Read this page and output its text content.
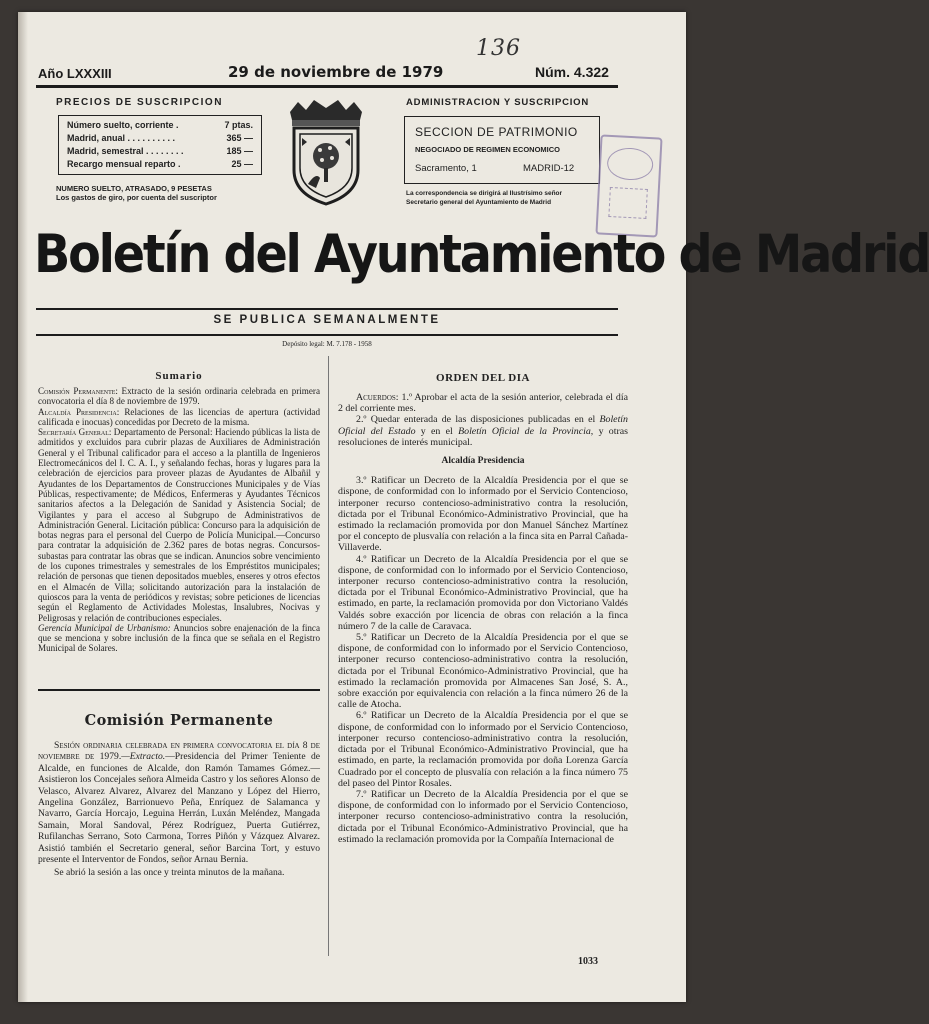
136
Año LXXXIII	29 de noviembre de 1979	Núm. 4.322
PRECIOS DE SUSCRIPCION
Número suelto, corriente .	7 ptas.
Madrid, anual . . . . . . . . . .	365 —
Madrid, semestral . . . . . . . .	185 —
Recargo mensual reparto .	25 —
NUMERO SUELTO, ATRASADO, 9 PESETAS
Los gastos de giro, por cuenta del suscriptor
ADMINISTRACION Y SUSCRIPCION
SECCION DE PATRIMONIO
NEGOCIADO DE REGIMEN ECONOMICO
Sacramento, 1	MADRID-12
La correspondencia se dirigirá al Ilustrísimo señor
Secretario general del Ayuntamiento de Madrid
Boletín del Ayuntamiento de Madrid
SE PUBLICA SEMANALMENTE
Depósito legal: M. 7.178 - 1958
Sumario

Comisión Permanente: Extracto de la sesión ordinaria celebrada en primera convocatoria el día 8 de noviembre de 1979.

Alcaldía Presidencia: Relaciones de las licencias de apertura (actividad calificada e inocuas) concedidas por Decreto de la misma.

Secretaría General: Departamento de Personal: Haciendo públicas la lista de admitidos y excluidos para cubrir plazas de Auxiliares de Administración General y el Tribunal calificador para el acceso a la plantilla de Ingenieros Electromecánicos del I. C. A. I., y señalando fechas, horas y lugares para la celebración de ejercicios para proveer plazas de Ayudantes de Albañil y Ayudantes de los Departamentos de Construcciones Municipales y de Vías Públicas, respectivamente; de Médicos, Enfermeras y Ayudantes Técnicos sanitarios afectos a la Delegación de Sanidad y Asistencia Social; de Vigilantes y para el acceso al Subgrupo de Administrativos de Administración General. Licitación pública: Concurso para la adquisición de botas negras para el personal del Cuerpo de Policía Municipal.—Concurso para contratar la adquisición de 2.362 pares de botas negras. Concursos-subastas para contratar las obras que se indican. Anuncios sobre vencimiento de los cupones trimestrales y semestrales de los Empréstitos municipales; relación de personas que tienen depositados muebles, enseres y otros efectos en el Almacén de Villa; solicitando autorización para la instalación de quioscos para la venta de periódicos y revistas; sobre peticiones de licencias según el Reglamento de Actividades Molestas, Insalubres, Nocivas y Peligrosas y relación de contribuciones especiales.

Gerencia Municipal de Urbanismo: Anuncios sobre enajenación de la finca que se menciona y sobre inclusión de la finca que se señala en el Registro Municipal de Solares.

Comisión Permanente

Sesión ordinaria celebrada en primera convocatoria el día 8 de noviembre de 1979.—Extracto.—Presidencia del Primer Teniente de Alcalde, en funciones de Alcalde, don Ramón Tamames Gómez.—Asistieron los Concejales señora Almeida Castro y los señores Alonso de Velasco, Alvarez Alvarez, Alvarez del Manzano y López del Hierro, Angelina González, Barrionuevo Peña, Enríquez de Salamanca y Navarro, García Horcajo, Leguina Herrán, Luxán Meléndez, Mangada Samain, Moral Sandoval, Pérez Rodríguez, Puerta Gutiérrez, Rufilanchas Serrano, Soto Carmona, Torres Piñón y Vázquez Alvarez. Asistió también el Secretario general, señor Barcina Tort, y estuvo presente el Interventor de Fondos, señor Arnau Bernia.

Se abrió la sesión a las once y treinta minutos de la mañana.

ORDEN DEL DIA

Acuerdos: 1.º Aprobar el acta de la sesión anterior, celebrada el día 2 del corriente mes.

2.º Quedar enterada de las disposiciones publicadas en el Boletín Oficial del Estado y en el Boletín Oficial de la Provincia, y otras resoluciones de interés municipal.

Alcaldía Presidencia

3.º Ratificar un Decreto de la Alcaldía Presidencia por el que se dispone, de conformidad con lo informado por el Servicio Contencioso, interponer recurso contencioso-administrativo contra la resolución, dictada por el Tribunal Económico-Administrativo Provincial, que ha estimado la reclamación promovida por don Manuel Sánchez Martínez por el concepto de plusvalía con relación a la finca sita en Parral Cañada-Villaverde.

4.º Ratificar un Decreto de la Alcaldía Presidencia por el que se dispone, de conformidad con lo informado por el Servicio Contencioso, interponer recurso contencioso-administrativo contra la resolución, dictada por el Tribunal Económico-Administrativo Provincial, que ha estimado, en parte, la reclamación promovida por don Victoriano Valdés Valdés sobre exacción por licencia de obras con relación a la finca número 7 de la calle de Caravaca.

5.º Ratificar un Decreto de la Alcaldía Presidencia por el que se dispone, de conformidad con lo informado por el Servicio Contencioso, interponer recurso contencioso-administrativo contra la resolución, dictada por el Tribunal Económico-Administrativo Provincial, que ha estimado la reclamación promovida por Almacenes San José, S. A., sobre exacción por equivalencia con relación a la finca número 26 de la calle de Atocha.

6.º Ratificar un Decreto de la Alcaldía Presidencia por el que se dispone, de conformidad con lo informado por el Servicio Contencioso, interponer recurso contencioso-administrativo contra la resolución, dictada por el Tribunal Económico-Administrativo Provincial, que ha estimado, en parte, la reclamación promovida por doña Lorenza García Cuadrado por el concepto de plusvalía con relación a la finca número 75 del paseo del Pintor Rosales.

7.º Ratificar un Decreto de la Alcaldía Presidencia por el que se dispone, de conformidad con lo informado por el Servicio Contencioso, interponer recurso contencioso-administrativo contra la resolución, dictada por el Tribunal Económico-Administrativo Provincial, que ha estimado la reclamación promovida por la Compañía Internacional de

1033
